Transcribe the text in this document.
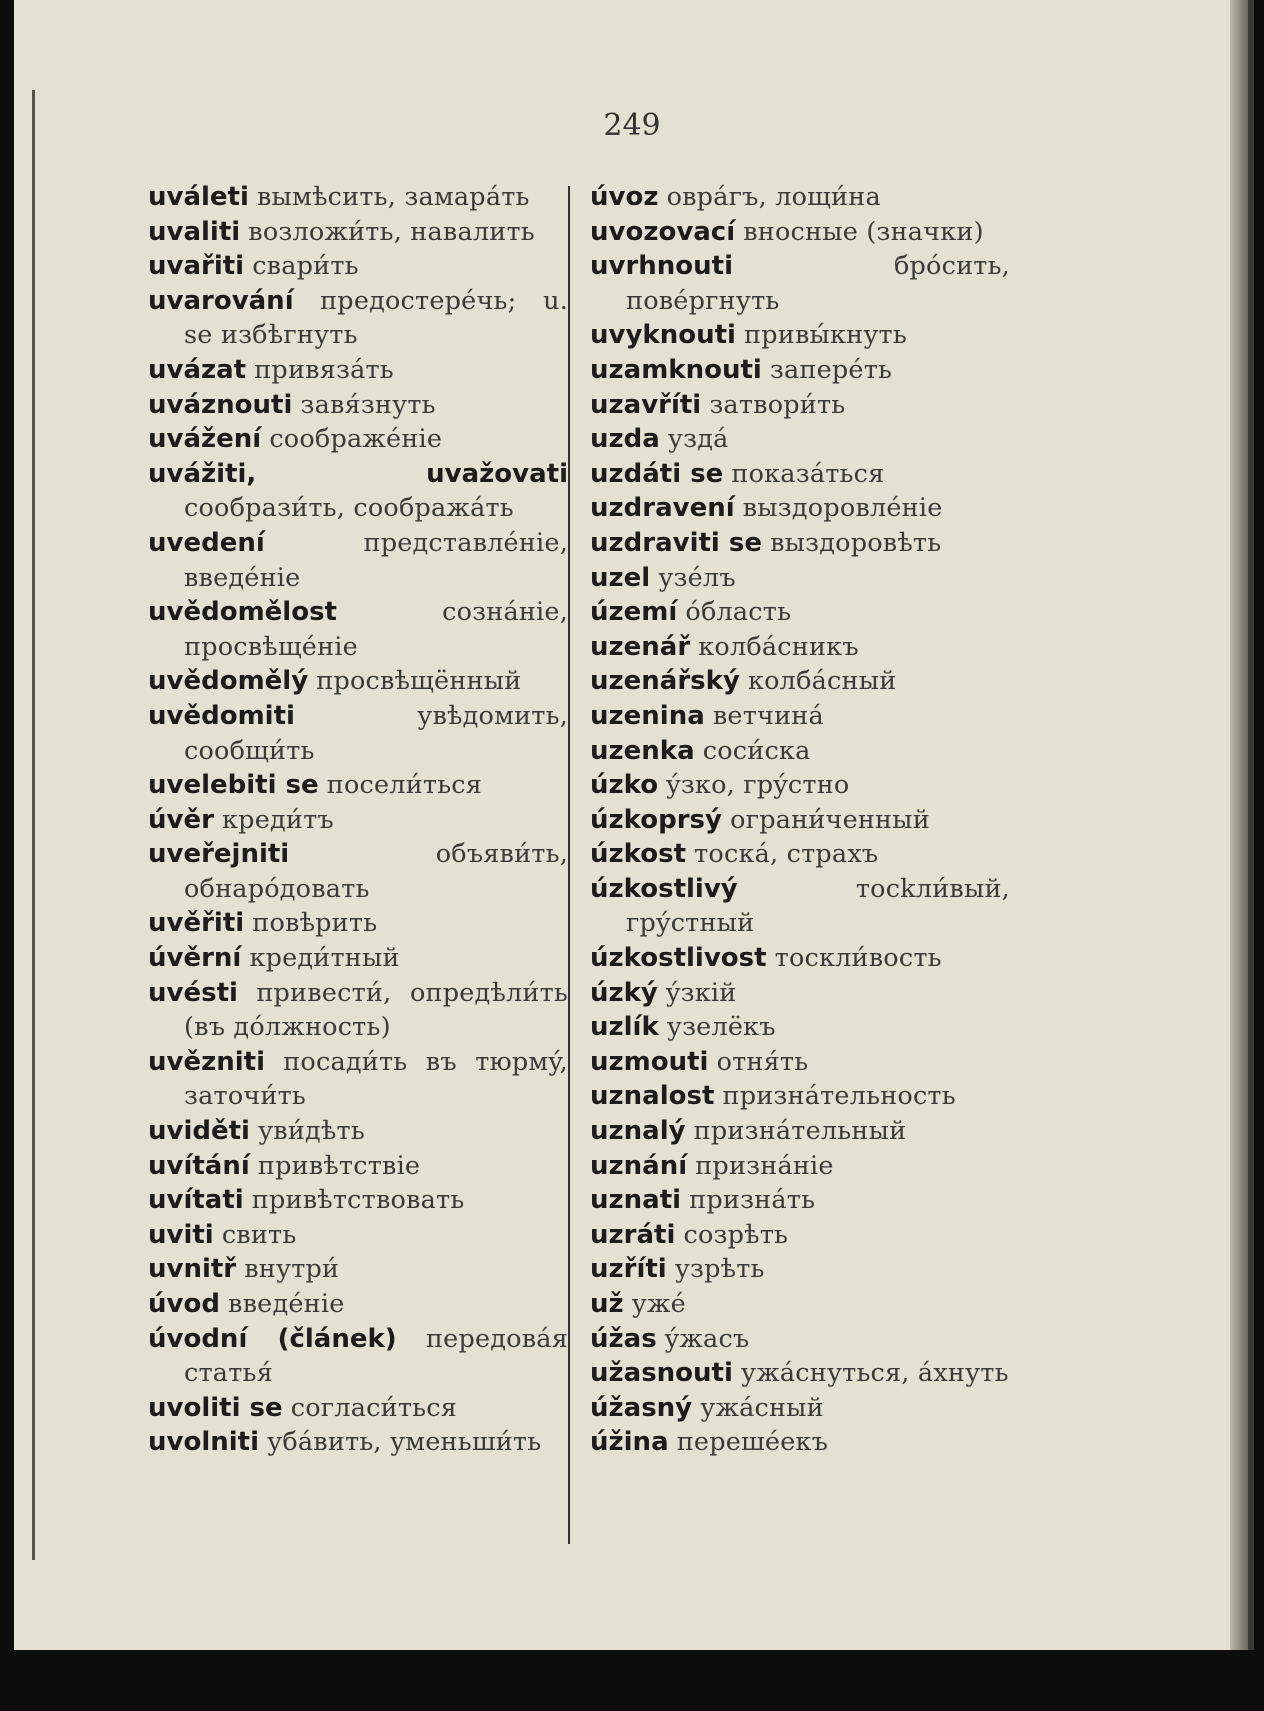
249
uváleti вымѣсить, замарáть
uvaliti возложи́ть, навалить
uvařiti свари́ть
uvarování предостерéчь; u. se избѣгнуть
uvázat привязáть
uváznouti завя́знуть
uvážení соображéніе
uvážiti, uvažovati сообрази́ть, соображáть
uvedení	представлéніе, введéніе
uvědomělost	сознáніе, просвѣщéніе
uvědomělý просвѣщённый
uvědomiti	увѣдомить, сообщи́ть
uvelebiti se посели́ться
úvěr креди́тъ
uveřejniti	объяви́ть, обнарóдовать
uvěřiti повѣрить
úvěrní креди́тный
uvésti привести́, опредѣли́ть (въ дóлжность)
uvězniti посади́ть въ тюрмý, заточи́ть
uviděti уви́дѣть
uvítání привѣтствіе
uvítati привѣтствовать
uviti свить
uvnitř внутри́
úvod введéніе
úvodní (článek) передовáя статья́
uvoliti se согласи́ться
uvolniti убáвить, уменьши́ть
úvoz оврáгъ, лощи́на
uvozovací вносные (значки)
uvrhnouti	брóсить, повéргнуть
uvyknouti привы́кнуть
uzamknouti заперéть
uzavříti затвори́ть
uzda уздá
uzdáti se показáться
uzdravení выздоровлéніе
uzdraviti se выздоровѣть
uzel узéлъ
území óбласть
uzenář колбáсникъ
uzenářský колбáсный
uzenina ветчинá
uzenka соси́ска
úzko ýзко, грýстно
úzkoprsý ограни́ченный
úzkost тоскá, страхъ
úzkostlivý	тосkли́вый, грýстный
úzkostlivost тоскли́вость
úzký ýзкій
uzlík узелёкъ
uzmouti отня́ть
uznalost признáтельность
uznalý признáтельный
uznání признáніе
uznati признáть
uzráti созрѣть
uzříti узрѣть
už ужé
úžas ýжасъ
užasnouti ужáснуться, áхнуть
úžasný ужáсный
úžina перешéекъ
